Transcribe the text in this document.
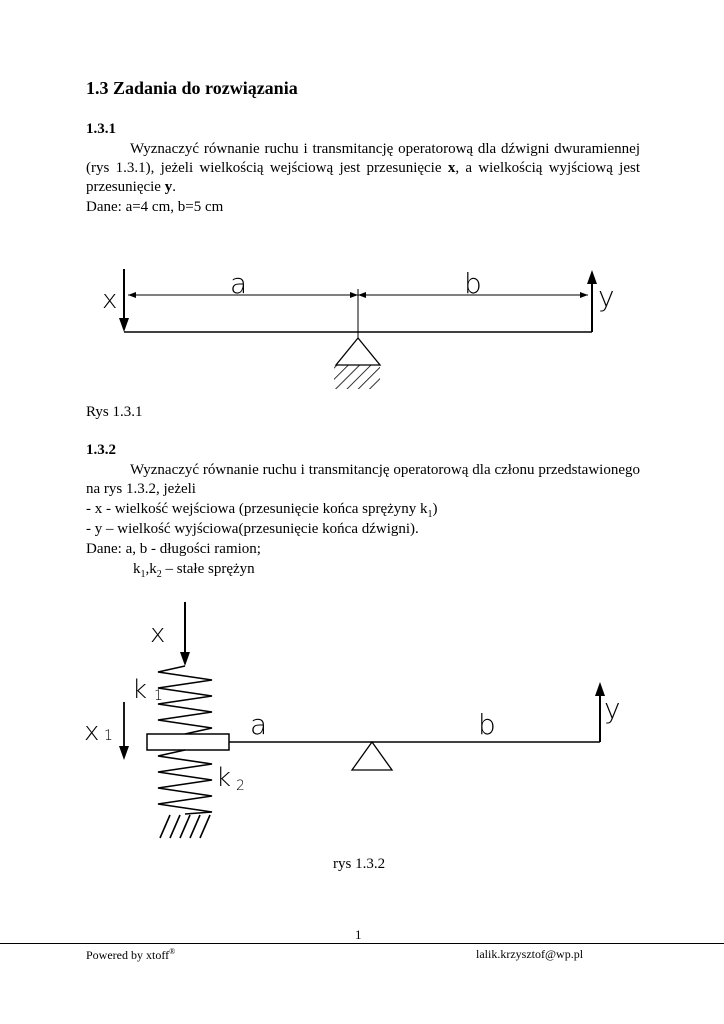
1.3 Zadania do rozwiązania
1.3.1
Wyznaczyć równanie ruchu i transmitancję operatorową dla dźwigni dwuramiennej (rys 1.3.1), jeżeli wielkością wejściową jest przesunięcie x, a wielkością wyjściową jest przesunięcie y.
Dane: a=4 cm, b=5 cm
x	a	b	y
Rys 1.3.1
1.3.2
Wyznaczyć równanie ruchu i transmitancję operatorową dla członu przedstawionego na rys 1.3.2, jeżeli
- x - wielkość wejściowa (przesunięcie końca sprężyny $k_1$)
- y – wielkość wyjściowa(przesunięcie końca dźwigni).
Dane: a, b - długości ramion;
$k_1,k_2$ – stałe sprężyn
x
k 1
x 1	a	b	y
k 2
rys 1.3.2
1
Powered by xtoff®	lalik.krzysztof@wp.pl
